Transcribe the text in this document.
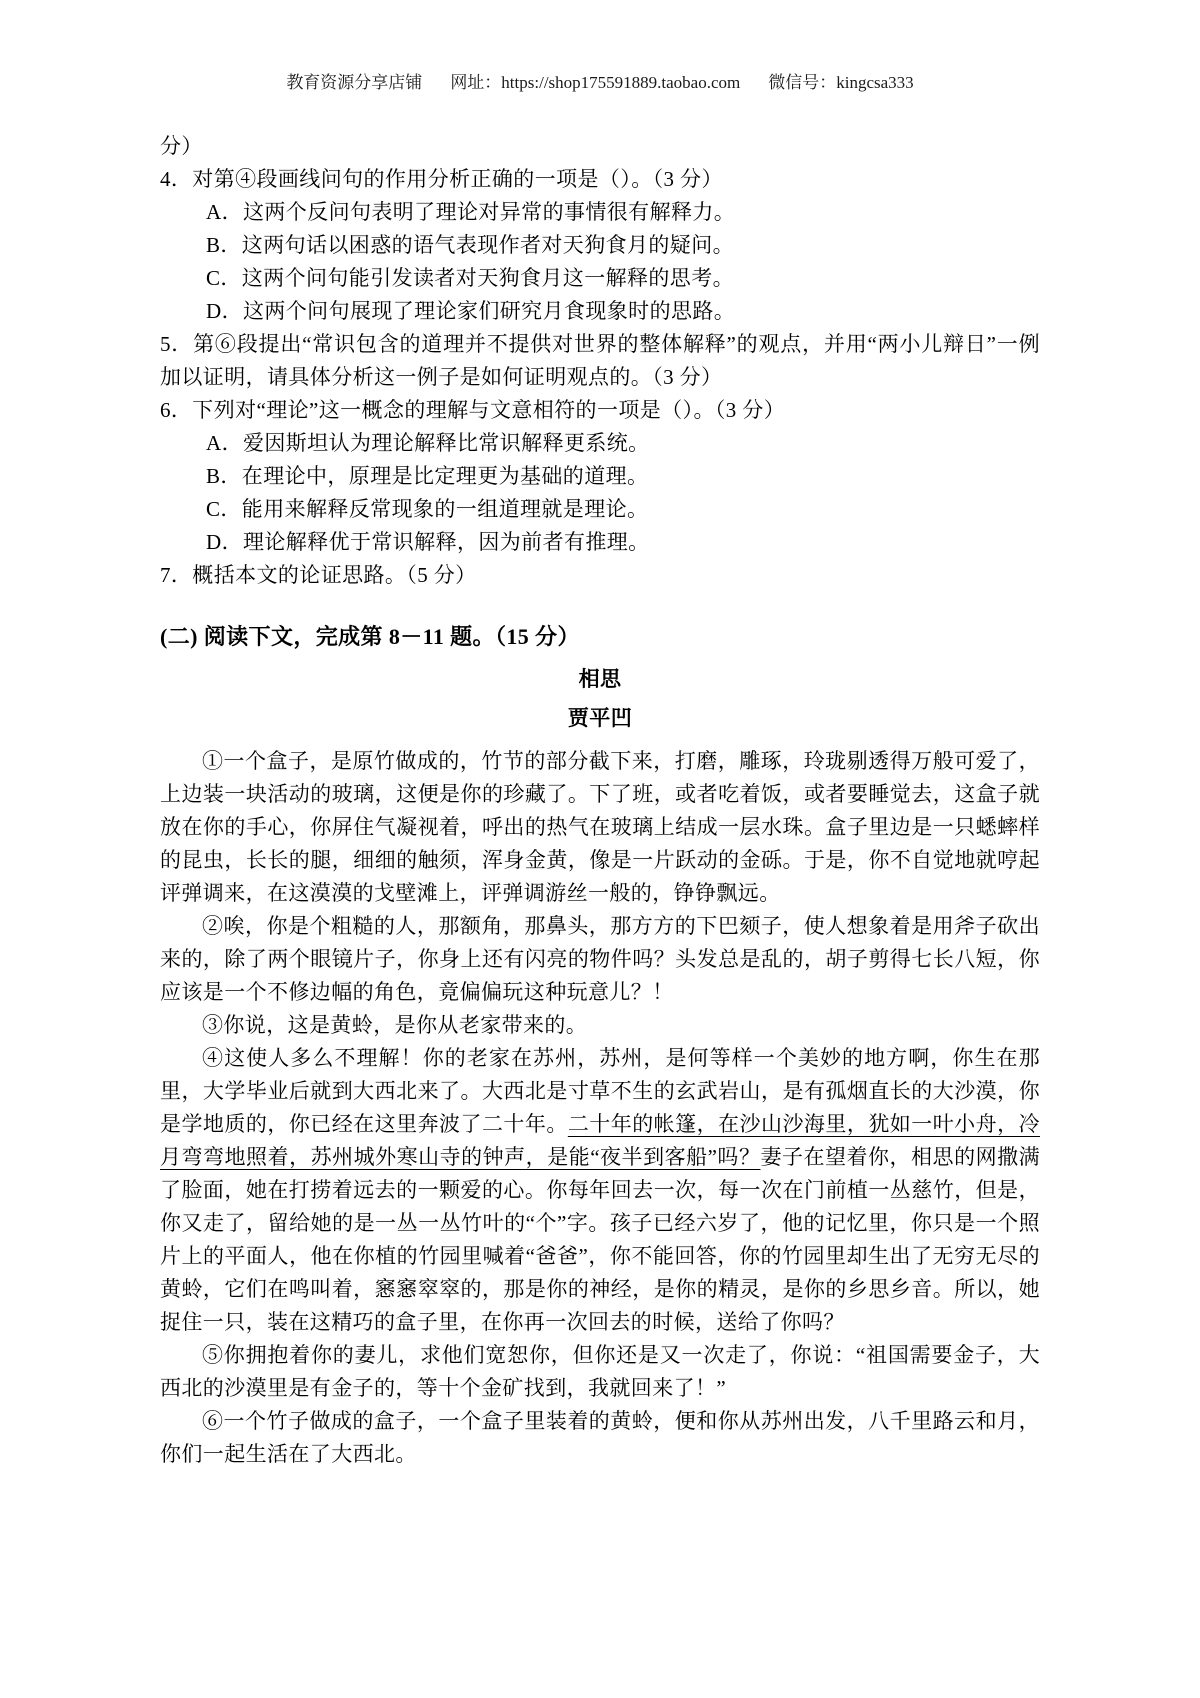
教育资源分享店铺 网址：https://shop175591889.taobao.com 微信号：kingcsa333
分）
4．对第④段画线问句的作用分析正确的一项是（）。（3 分）
A．这两个反问句表明了理论对异常的事情很有解释力。
B．这两句话以困惑的语气表现作者对天狗食月的疑问。
C．这两个问句能引发读者对天狗食月这一解释的思考。
D．这两个问句展现了理论家们研究月食现象时的思路。
5．第⑥段提出“常识包含的道理并不提供对世界的整体解释”的观点，并用“两小儿辩日”一例加以证明，请具体分析这一例子是如何证明观点的。（3 分）
6．下列对“理论”这一概念的理解与文意相符的一项是（）。（3 分）
A．爱因斯坦认为理论解释比常识解释更系统。
B．在理论中，原理是比定理更为基础的道理。
C．能用来解释反常现象的一组道理就是理论。
D．理论解释优于常识解释，因为前者有推理。
7．概括本文的论证思路。（5 分）
(二) 阅读下文，完成第 8－11 题。（15 分）
相思
贾平凹
①一个盒子，是原竹做成的，竹节的部分截下来，打磨，雕琢，玲珑剔透得万般可爱了，上边装一块活动的玻璃，这便是你的珍藏了。下了班，或者吃着饭，或者要睡觉去，这盒子就放在你的手心，你屏住气凝视着，呼出的热气在玻璃上结成一层水珠。盒子里边是一只蟋蟀样的昆虫，长长的腿，细细的触须，浑身金黄，像是一片跃动的金砾。于是，你不自觉地就哼起评弹调来，在这漠漠的戈壁滩上，评弹调游丝一般的，铮铮飘远。
②唉，你是个粗糙的人，那额角，那鼻头，那方方的下巴颏子，使人想象着是用斧子砍出来的，除了两个眼镜片子，你身上还有闪亮的物件吗？头发总是乱的，胡子剪得七长八短，你应该是一个不修边幅的角色，竟偏偏玩这种玩意儿？！
③你说，这是黄蛉，是你从老家带来的。
④这使人多么不理解！你的老家在苏州，苏州，是何等样一个美妙的地方啊，你生在那里，大学毕业后就到大西北来了。大西北是寸草不生的玄武岩山，是有孤烟直长的大沙漠，你是学地质的，你已经在这里奔波了二十年。二十年的帐篷，在沙山沙海里，犹如一叶小舟，冷月弯弯地照着，苏州城外寒山寺的钟声，是能“夜半到客船”吗？妻子在望着你，相思的网撒满了脸面，她在打捞着远去的一颗爱的心。你每年回去一次，每一次在门前植一丛慈竹，但是，你又走了，留给她的是一丛一丛竹叶的“个”字。孩子已经六岁了，他的记忆里，你只是一个照片上的平面人，他在你植的竹园里喊着“爸爸”，你不能回答，你的竹园里却生出了无穷无尽的黄蛉，它们在鸣叫着，窸窸窣窣的，那是你的神经，是你的精灵，是你的乡思乡音。所以，她捉住一只，装在这精巧的盒子里，在你再一次回去的时候，送给了你吗？
⑤你拥抱着你的妻儿，求他们宽恕你，但你还是又一次走了，你说：“祖国需要金子，大西北的沙漠里是有金子的，等十个金矿找到，我就回来了！”
⑥一个竹子做成的盒子，一个盒子里装着的黄蛉，便和你从苏州出发，八千里路云和月，你们一起生活在了大西北。
